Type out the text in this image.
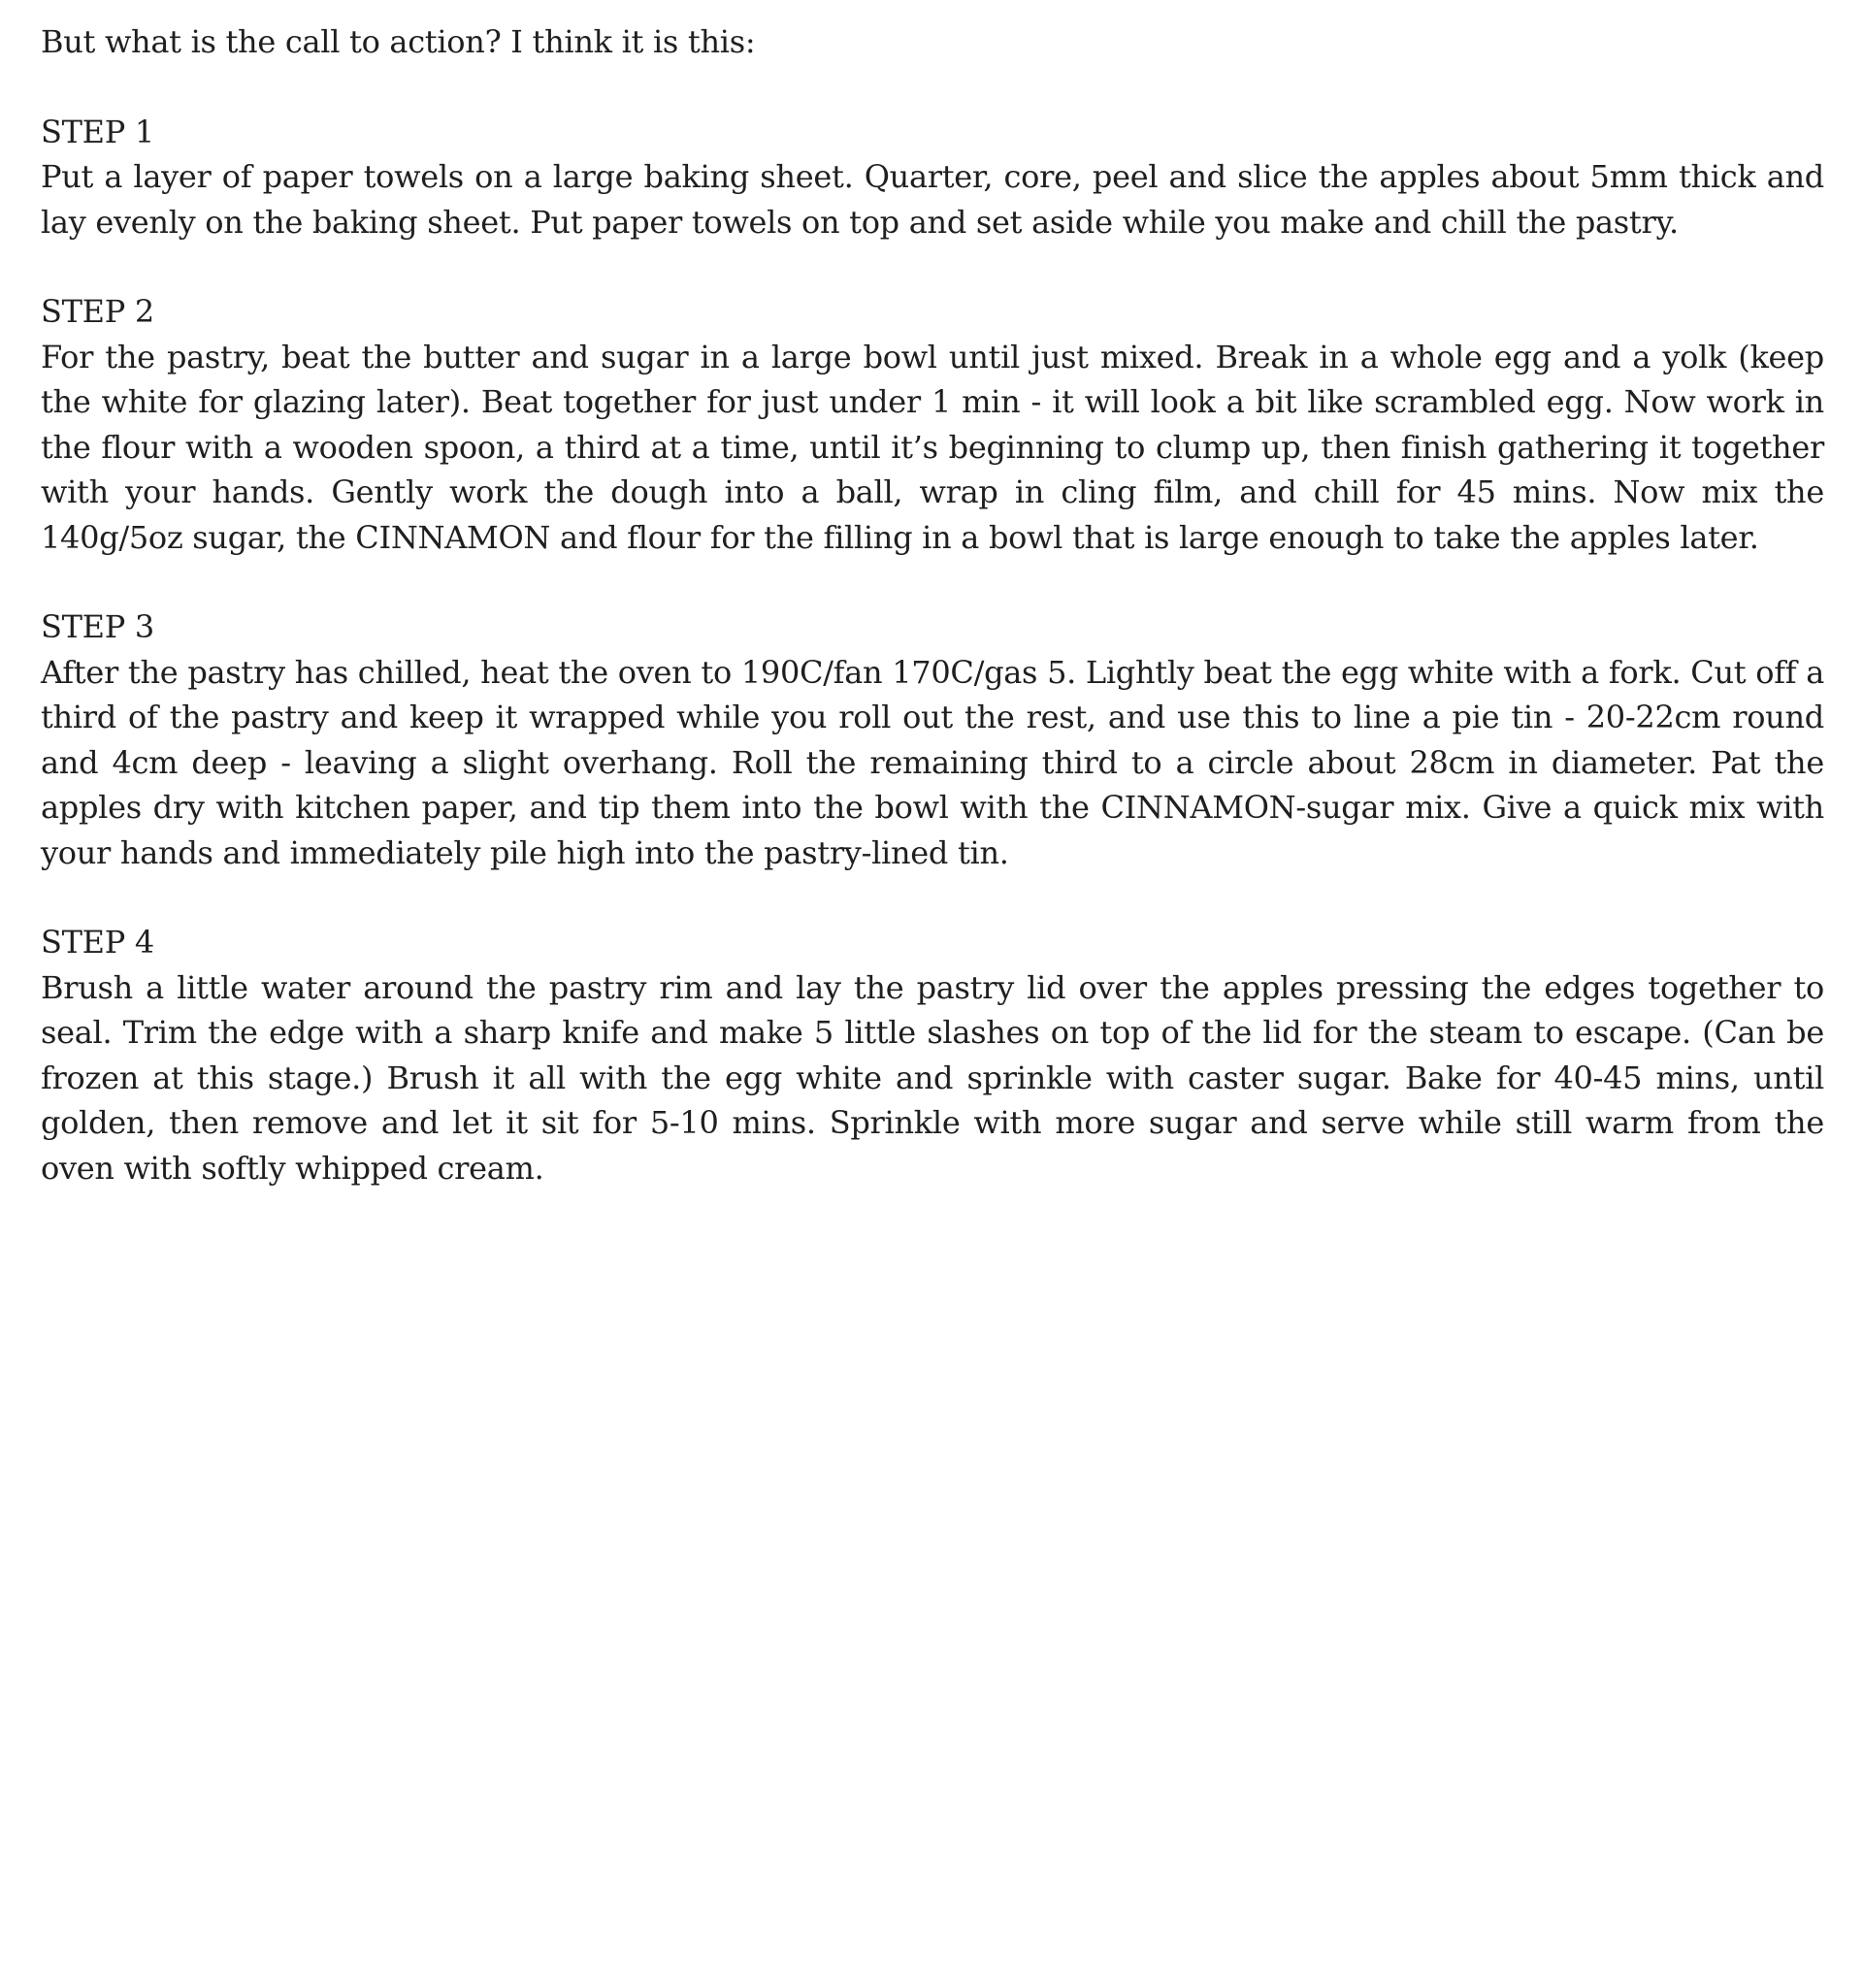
But what is the call to action? I think it is this:

STEP 1

Put a layer of paper towels on a large baking sheet. Quarter, core, peel and slice the apples about 5mm thick and lay evenly on the baking sheet. Put paper towels on top and set aside while you make and chill the pastry.

STEP 2

For the pastry, beat the butter and sugar in a large bowl until just mixed. Break in a whole egg and a yolk (keep the white for glazing later). Beat together for just under 1 min - it will look a bit like scrambled egg. Now work in the flour with a wooden spoon, a third at a time, until it’s beginning to clump up, then finish gathering it together with your hands. Gently work the dough into a ball, wrap in cling film, and chill for 45 mins. Now mix the 140g/5oz sugar, the CINNAMON and flour for the filling in a bowl that is large enough to take the apples later.

STEP 3

After the pastry has chilled, heat the oven to 190C/fan 170C/gas 5. Lightly beat the egg white with a fork. Cut off a third of the pastry and keep it wrapped while you roll out the rest, and use this to line a pie tin - 20-22cm round and 4cm deep - leaving a slight overhang. Roll the remaining third to a circle about 28cm in diameter. Pat the apples dry with kitchen paper, and tip them into the bowl with the CINNAMON-sugar mix. Give a quick mix with your hands and immediately pile high into the pastry-lined tin.

STEP 4

Brush a little water around the pastry rim and lay the pastry lid over the apples pressing the edges together to seal. Trim the edge with a sharp knife and make 5 little slashes on top of the lid for the steam to escape. (Can be frozen at this stage.) Brush it all with the egg white and sprinkle with caster sugar. Bake for 40-45 mins, until golden, then remove and let it sit for 5-10 mins. Sprinkle with more sugar and serve while still warm from the oven with softly whipped cream.
